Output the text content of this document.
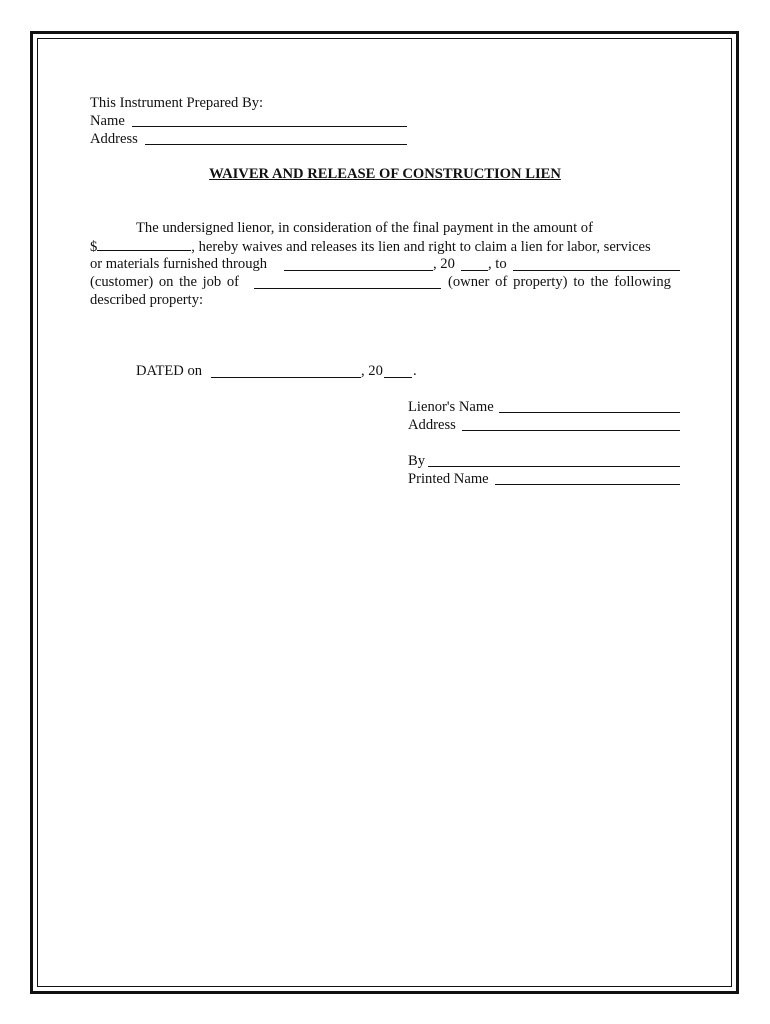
This Instrument Prepared By:
Name
Address
WAIVER AND RELEASE OF CONSTRUCTION LIEN
The undersigned lienor, in consideration of the final payment in the amount of
$	, hereby waives and releases its lien and right to claim a lien for labor, services
or materials furnished through	, 20 , to
(customer) on the job of	(owner of property) to the following
described property:
DATED on	, 20 .
Lienor's Name
Address
By
Printed Name
